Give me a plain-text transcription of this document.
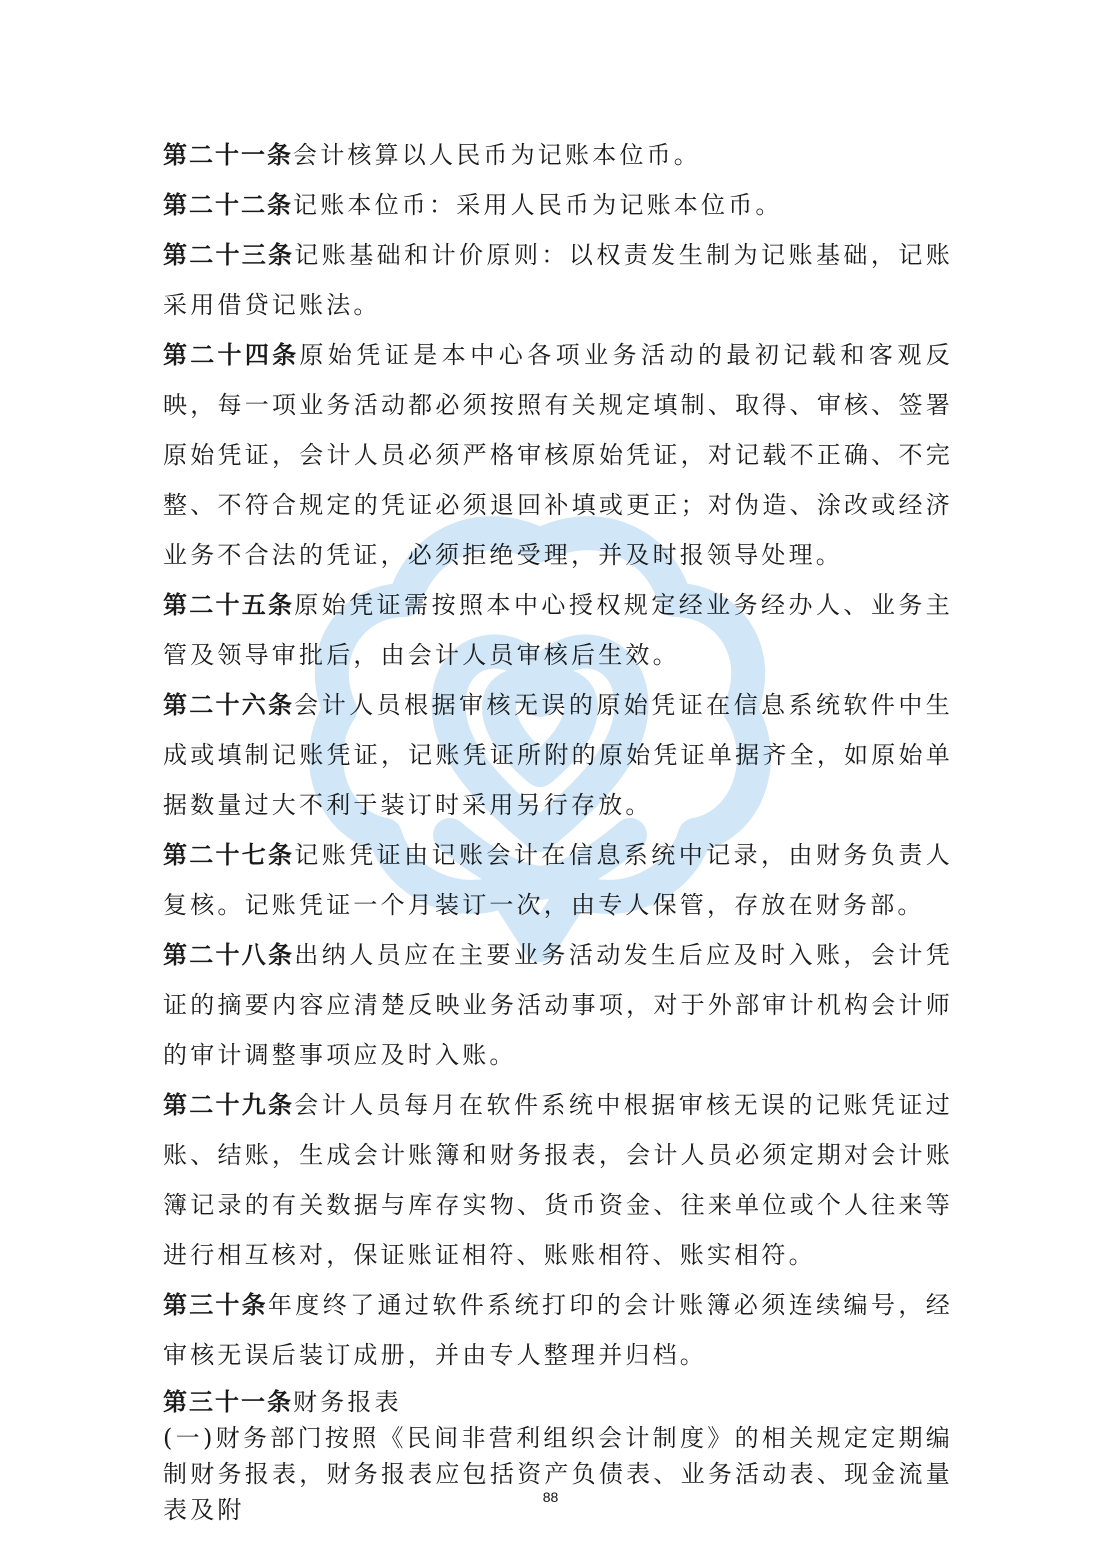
第二十一条会计核算以人民币为记账本位币。

第二十二条记账本位币：采用人民币为记账本位币。

第二十三条记账基础和计价原则：以权责发生制为记账基础，记账采用借贷记账法。

第二十四条原始凭证是本中心各项业务活动的最初记载和客观反映，每一项业务活动都必须按照有关规定填制、取得、审核、签署原始凭证，会计人员必须严格审核原始凭证，对记载不正确、不完整、不符合规定的凭证必须退回补填或更正；对伪造、涂改或经济业务不合法的凭证，必须拒绝受理，并及时报领导处理。

第二十五条原始凭证需按照本中心授权规定经业务经办人、业务主管及领导审批后，由会计人员审核后生效。

第二十六条会计人员根据审核无误的原始凭证在信息系统软件中生成或填制记账凭证，记账凭证所附的原始凭证单据齐全，如原始单据数量过大不利于装订时采用另行存放。

第二十七条记账凭证由记账会计在信息系统中记录，由财务负责人复核。记账凭证一个月装订一次，由专人保管，存放在财务部。

第二十八条出纳人员应在主要业务活动发生后应及时入账，会计凭证的摘要内容应清楚反映业务活动事项，对于外部审计机构会计师的审计调整事项应及时入账。

第二十九条会计人员每月在软件系统中根据审核无误的记账凭证过账、结账，生成会计账簿和财务报表，会计人员必须定期对会计账簿记录的有关数据与库存实物、货币资金、往来单位或个人往来等进行相互核对，保证账证相符、账账相符、账实相符。

第三十条年度终了通过软件系统打印的会计账簿必须连续编号，经审核无误后装订成册，并由专人整理并归档。

第三十一条财务报表

(一)财务部门按照《民间非营利组织会计制度》的相关规定定期编制财务报表，财务报表应包括资产负债表、业务活动表、现金流量表及附	88
